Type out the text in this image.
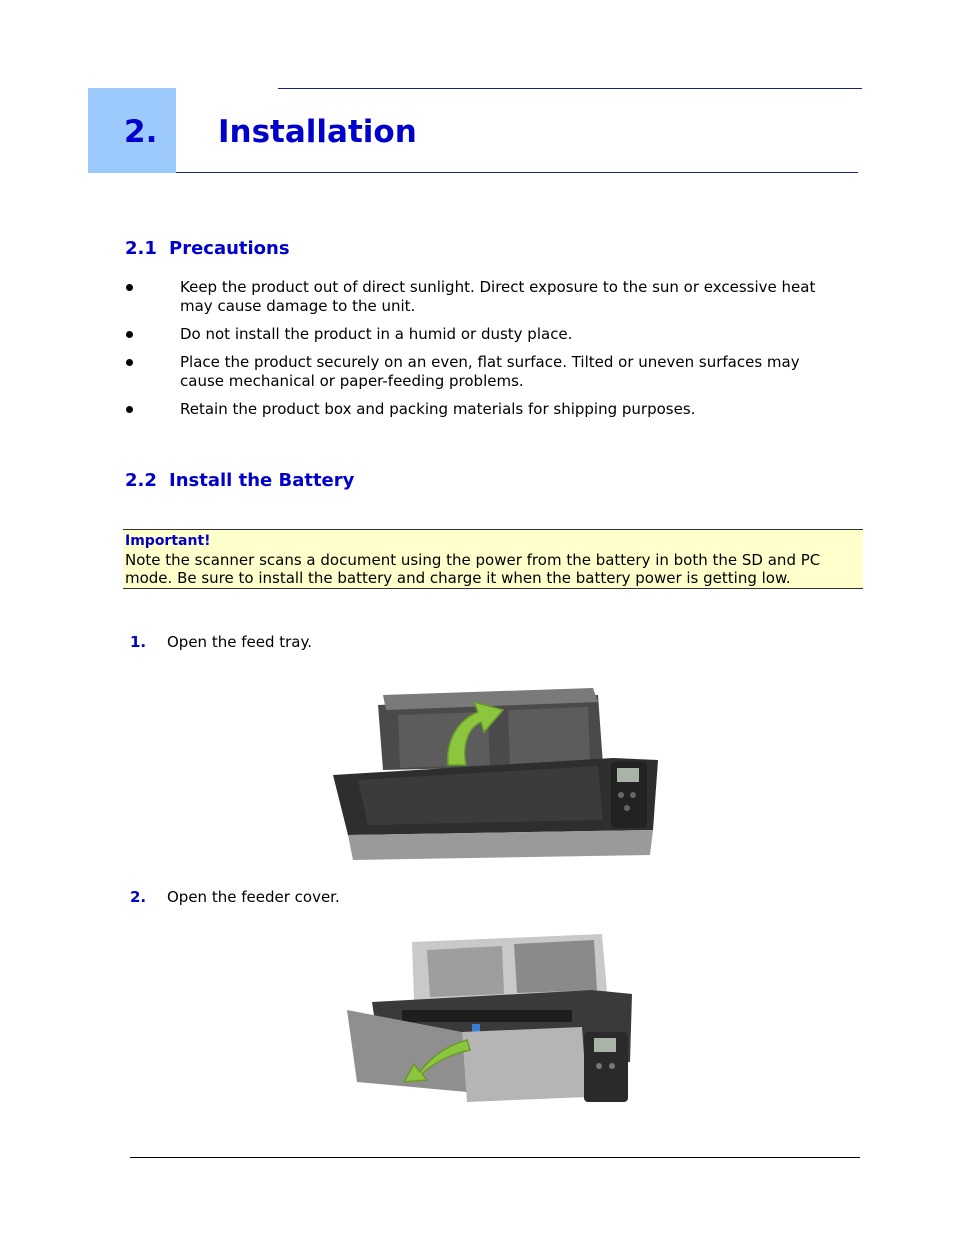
2. Installation
2.1 Precautions
Keep the product out of direct sunlight. Direct exposure to the sun or excessive heat may cause damage to the unit.
Do not install the product in a humid or dusty place.
Place the product securely on an even, flat surface. Tilted or uneven surfaces may cause mechanical or paper-feeding problems.
Retain the product box and packing materials for shipping purposes.
2.2 Install the Battery
Important!
Note the scanner scans a document using the power from the battery in both the SD and PC mode. Be sure to install the battery and charge it when the battery power is getting low.
1. Open the feed tray.
2. Open the feeder cover.
